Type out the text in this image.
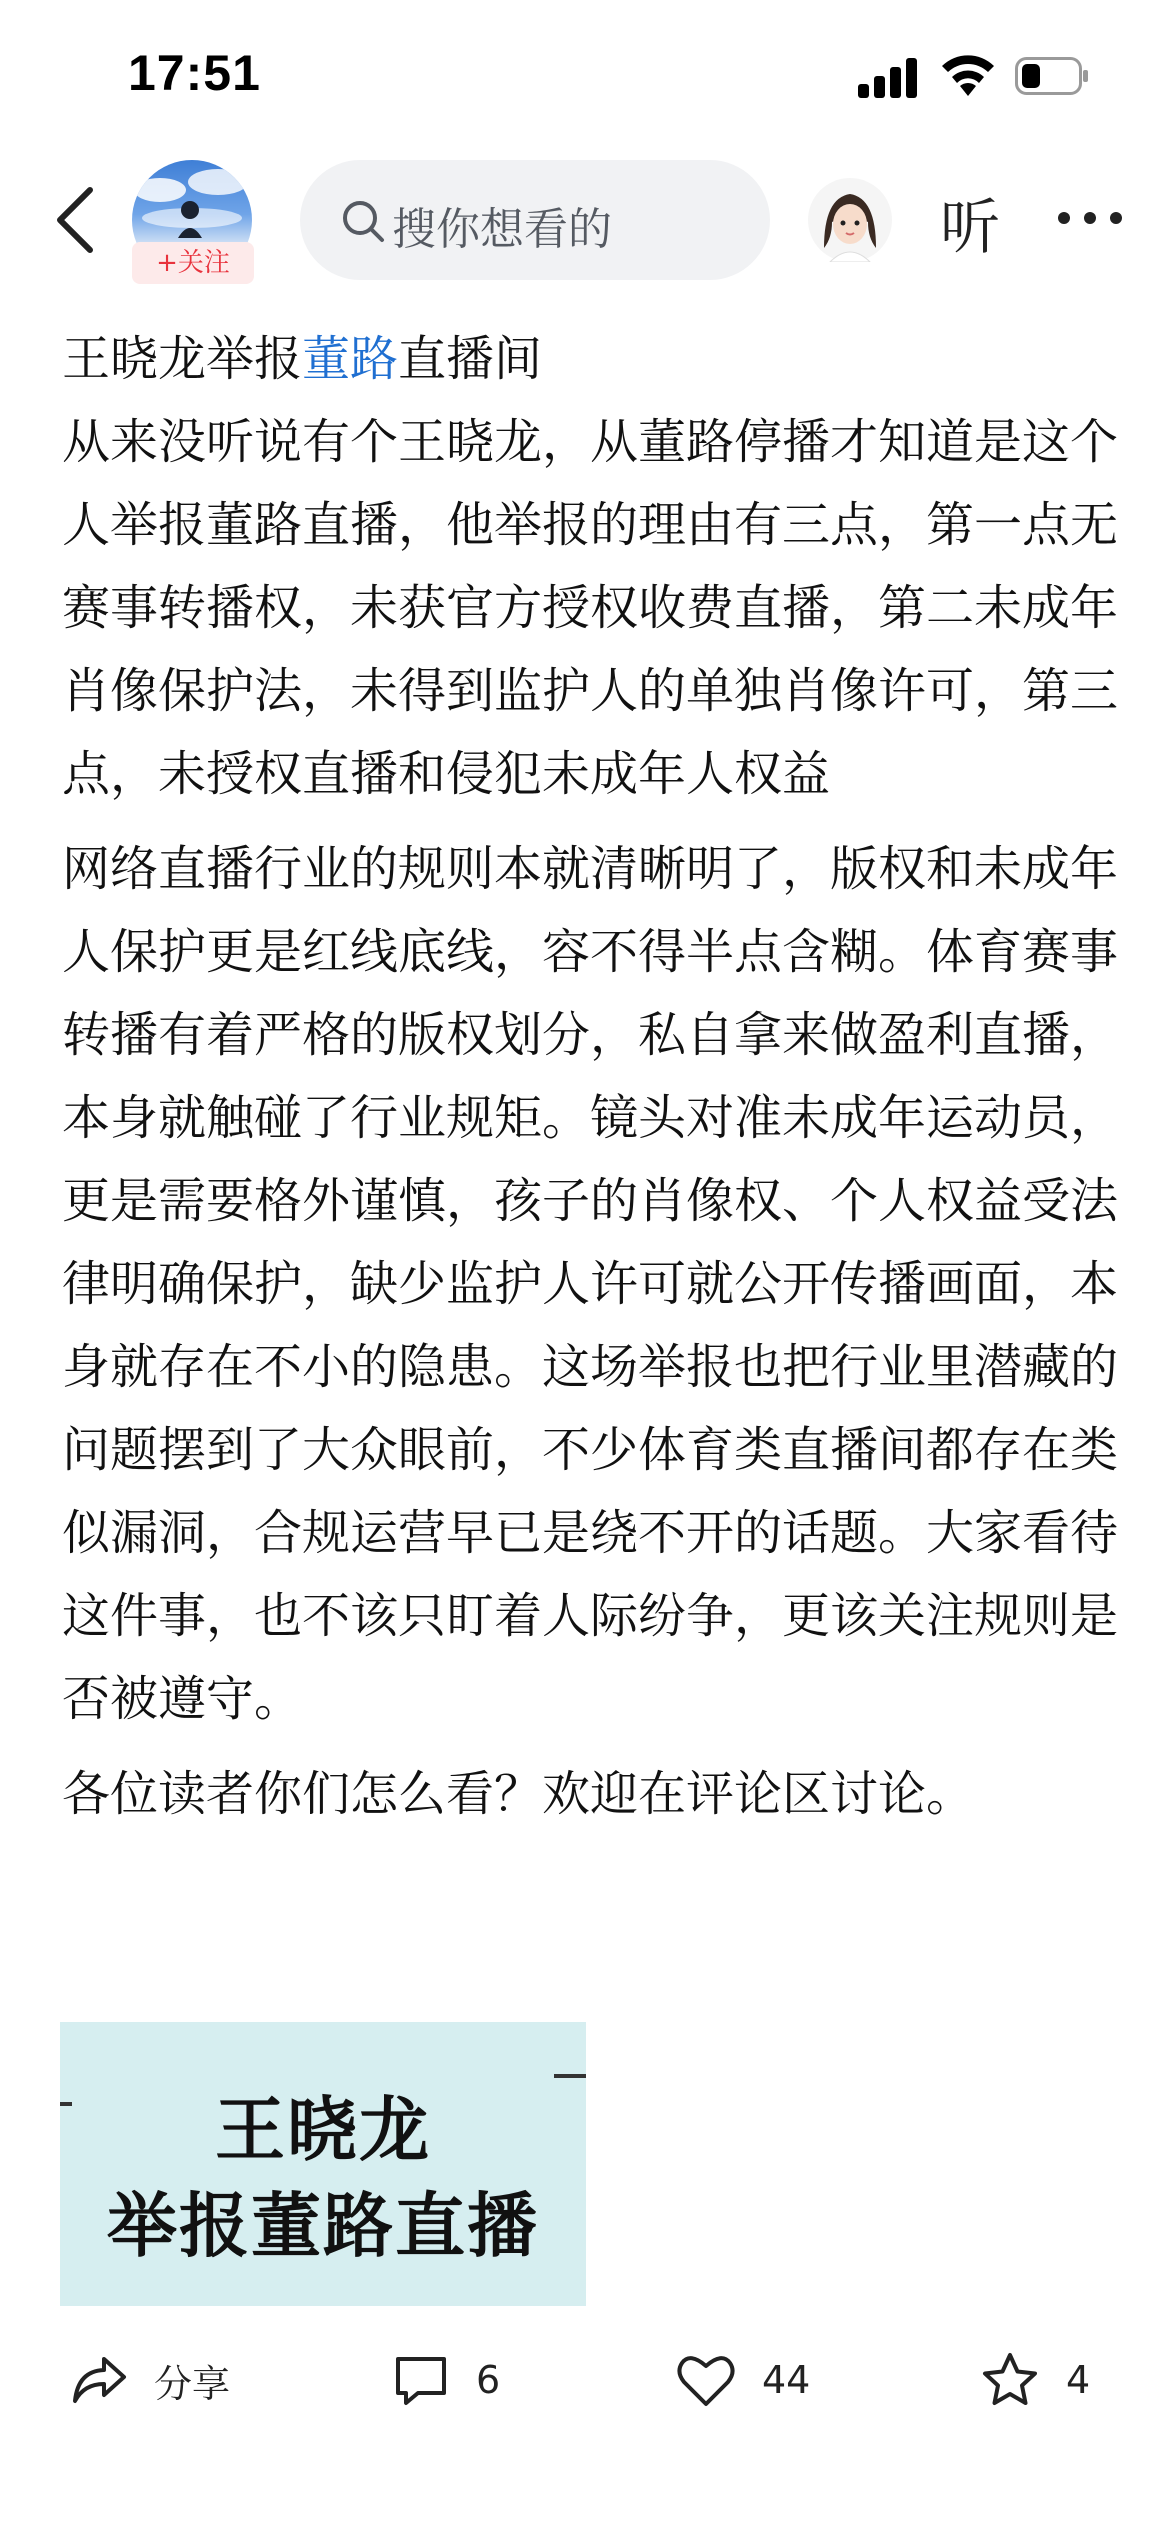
17:51
+关注
搜你想看的	听
王晓龙举报董路直播间
从来没听说有个王晓龙，从董路停播才知道是这个人举报董路直播，他举报的理由有三点，第一点无赛事转播权，未获官方授权收费直播，第二未成年肖像保护法，未得到监护人的单独肖像许可，第三点，未授权直播和侵犯未成年人权益
网络直播行业的规则本就清晰明了，版权和未成年人保护更是红线底线，容不得半点含糊。体育赛事转播有着严格的版权划分，私自拿来做盈利直播，本身就触碰了行业规矩。镜头对准未成年运动员，更是需要格外谨慎，孩子的肖像权、个人权益受法律明确保护，缺少监护人许可就公开传播画面，本身就存在不小的隐患。这场举报也把行业里潜藏的问题摆到了大众眼前，不少体育类直播间都存在类似漏洞，合规运营早已是绕不开的话题。大家看待这件事，也不该只盯着人际纷争，更该关注规则是否被遵守。
各位读者你们怎么看？欢迎在评论区讨论。
王晓龙
举报董路直播
分享	6	44	4
